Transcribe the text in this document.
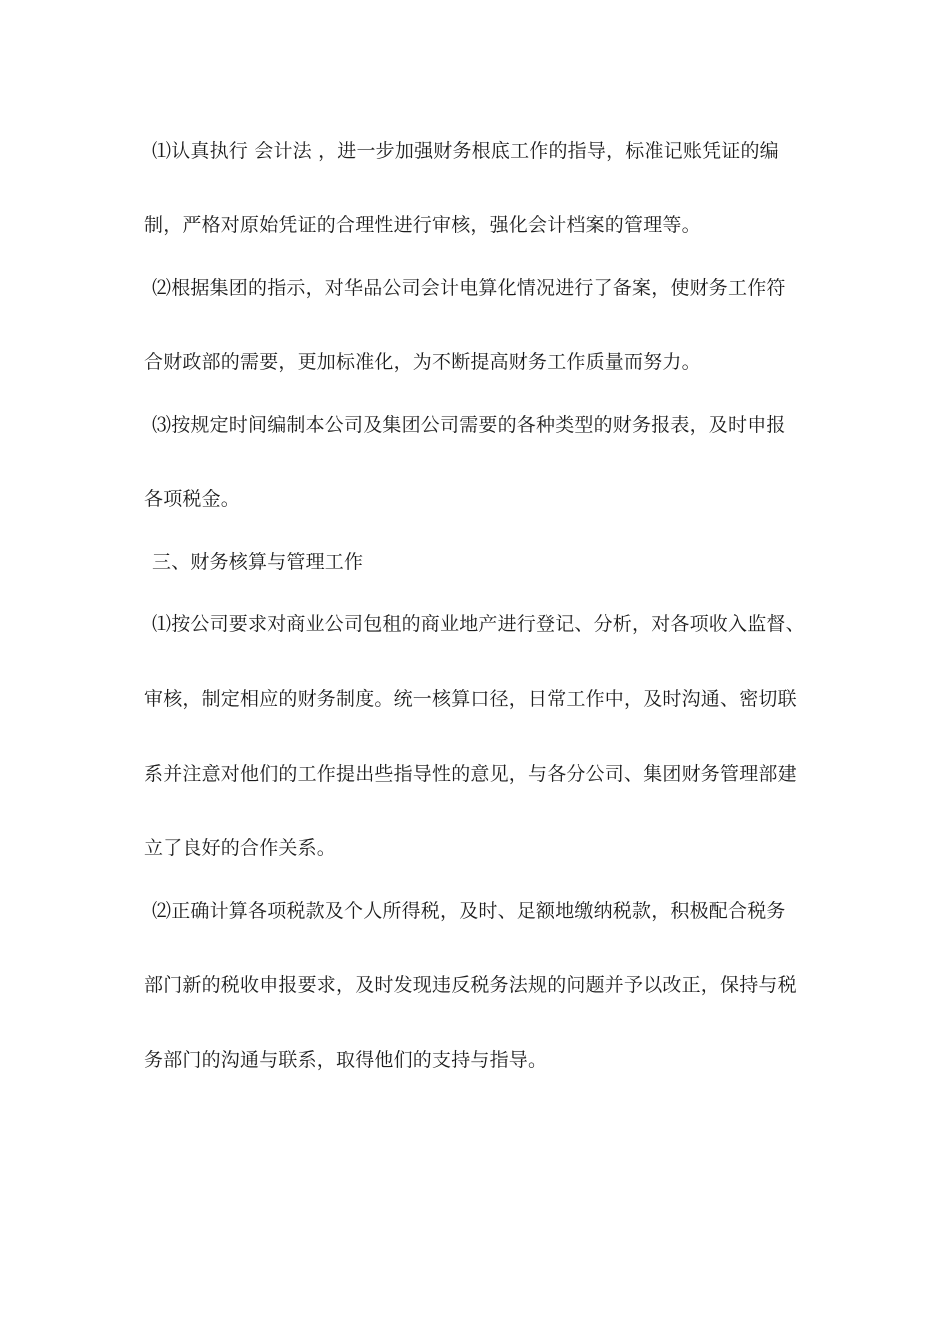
⑴认真执行 会计法 ，进一步加强财务根底工作的指导，标准记账凭证的编
制，严格对原始凭证的合理性进行审核，强化会计档案的管理等。
⑵根据集团的指示，对华品公司会计电算化情况进行了备案，使财务工作符
合财政部的需要，更加标准化，为不断提高财务工作质量而努力。
⑶按规定时间编制本公司及集团公司需要的各种类型的财务报表，及时申报
各项税金。
三、财务核算与管理工作
⑴按公司要求对商业公司包租的商业地产进行登记、分析，对各项收入监督、
审核，制定相应的财务制度。统一核算口径，日常工作中，及时沟通、密切联
系并注意对他们的工作提出些指导性的意见，与各分公司、集团财务管理部建
立了良好的合作关系。
⑵正确计算各项税款及个人所得税，及时、足额地缴纳税款，积极配合税务
部门新的税收申报要求，及时发现违反税务法规的问题并予以改正，保持与税
务部门的沟通与联系，取得他们的支持与指导。
